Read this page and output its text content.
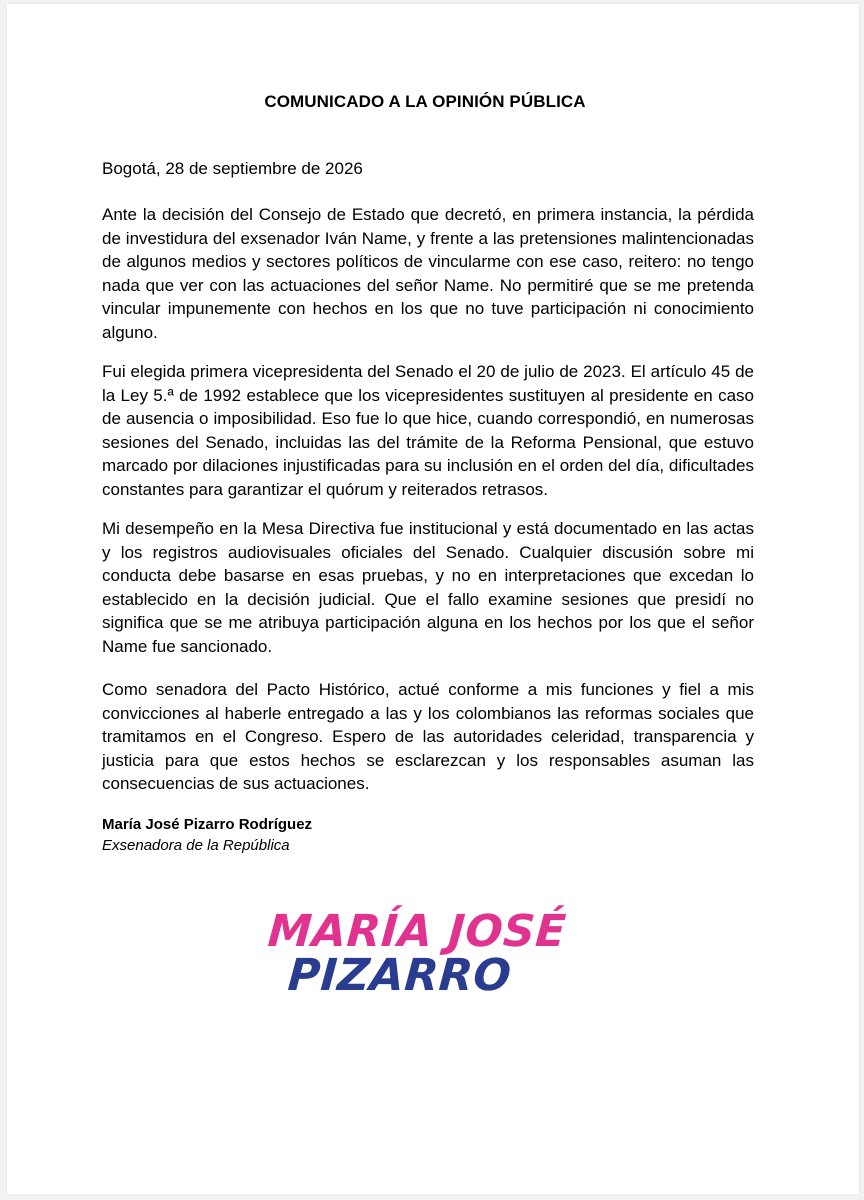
COMUNICADO A LA OPINIÓN PÚBLICA
Bogotá, 28 de septiembre de 2026

Ante la decisión del Consejo de Estado que decretó, en primera instancia, la pérdida de investidura del exsenador Iván Name, y frente a las pretensiones malintencionadas de algunos medios y sectores políticos de vincularme con ese caso, reitero: no tengo nada que ver con las actuaciones del señor Name. No permitiré que se me pretenda vincular impunemente con hechos en los que no tuve participación ni conocimiento alguno.

Fui elegida primera vicepresidenta del Senado el 20 de julio de 2023. El artículo 45 de la Ley 5.ª de 1992 establece que los vicepresidentes sustituyen al presidente en caso de ausencia o imposibilidad. Eso fue lo que hice, cuando correspondió, en numerosas sesiones del Senado, incluidas las del trámite de la Reforma Pensional, que estuvo marcado por dilaciones injustificadas para su inclusión en el orden del día, dificultades constantes para garantizar el quórum y reiterados retrasos.

Mi desempeño en la Mesa Directiva fue institucional y está documentado en las actas y los registros audiovisuales oficiales del Senado. Cualquier discusión sobre mi conducta debe basarse en esas pruebas, y no en interpretaciones que excedan lo establecido en la decisión judicial. Que el fallo examine sesiones que presidí no significa que se me atribuya participación alguna en los hechos por los que el señor Name fue sancionado.

Como senadora del Pacto Histórico, actué conforme a mis funciones y fiel a mis convicciones al haberle entregado a las y los colombianos las reformas sociales que tramitamos en el Congreso. Espero de las autoridades celeridad, transparencia y justicia para que estos hechos se esclarezcan y los responsables asuman las consecuencias de sus actuaciones.

María José Pizarro Rodríguez
Exsenadora de la República
MARÍA JOSÉ
PIZARRO
